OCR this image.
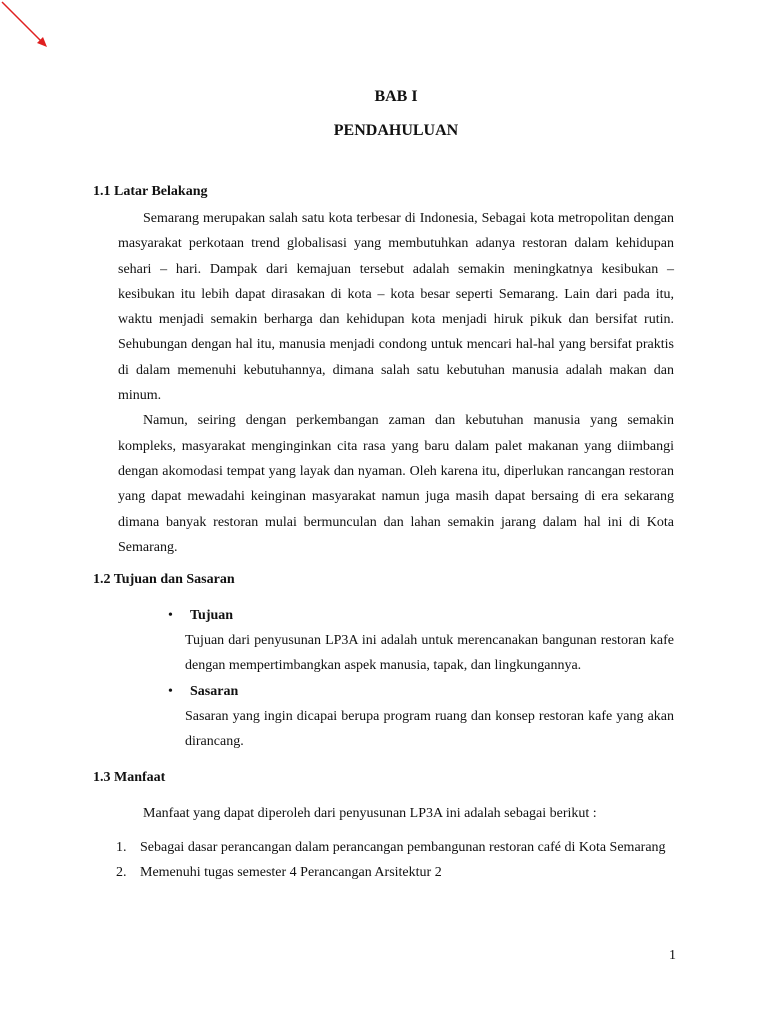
BAB I

PENDAHULUAN

1.1 Latar Belakang

Semarang merupakan salah satu kota terbesar di Indonesia, Sebagai kota metropolitan dengan masyarakat perkotaan trend globalisasi yang membutuhkan adanya restoran dalam kehidupan sehari – hari. Dampak dari kemajuan tersebut adalah semakin meningkatnya kesibukan – kesibukan itu lebih dapat dirasakan di kota – kota besar seperti Semarang. Lain dari pada itu, waktu menjadi semakin berharga dan kehidupan kota menjadi hiruk pikuk dan bersifat rutin. Sehubungan dengan hal itu, manusia menjadi condong untuk mencari hal-hal yang bersifat praktis di dalam memenuhi kebutuhannya, dimana salah satu kebutuhan manusia adalah makan dan minum.

Namun, seiring dengan perkembangan zaman dan kebutuhan manusia yang semakin kompleks, masyarakat menginginkan cita rasa yang baru dalam palet makanan yang diimbangi dengan akomodasi tempat yang layak dan nyaman. Oleh karena itu, diperlukan rancangan restoran yang dapat mewadahi keinginan masyarakat namun juga masih dapat bersaing di era sekarang dimana banyak restoran mulai bermunculan dan lahan semakin jarang dalam hal ini di Kota Semarang.

1.2 Tujuan dan Sasaran

•	Tujuan

Tujuan dari penyusunan LP3A ini adalah untuk merencanakan bangunan restoran kafe dengan mempertimbangkan aspek manusia, tapak, dan lingkungannya.

•	Sasaran

Sasaran yang ingin dicapai berupa program ruang dan konsep restoran kafe yang akan dirancang.

1.3 Manfaat

Manfaat yang dapat diperoleh dari penyusunan LP3A ini adalah sebagai berikut :

1. Sebagai dasar perancangan dalam perancangan pembangunan restoran café di Kota Semarang
2. Memenuhi tugas semester 4 Perancangan Arsitektur 2
1
